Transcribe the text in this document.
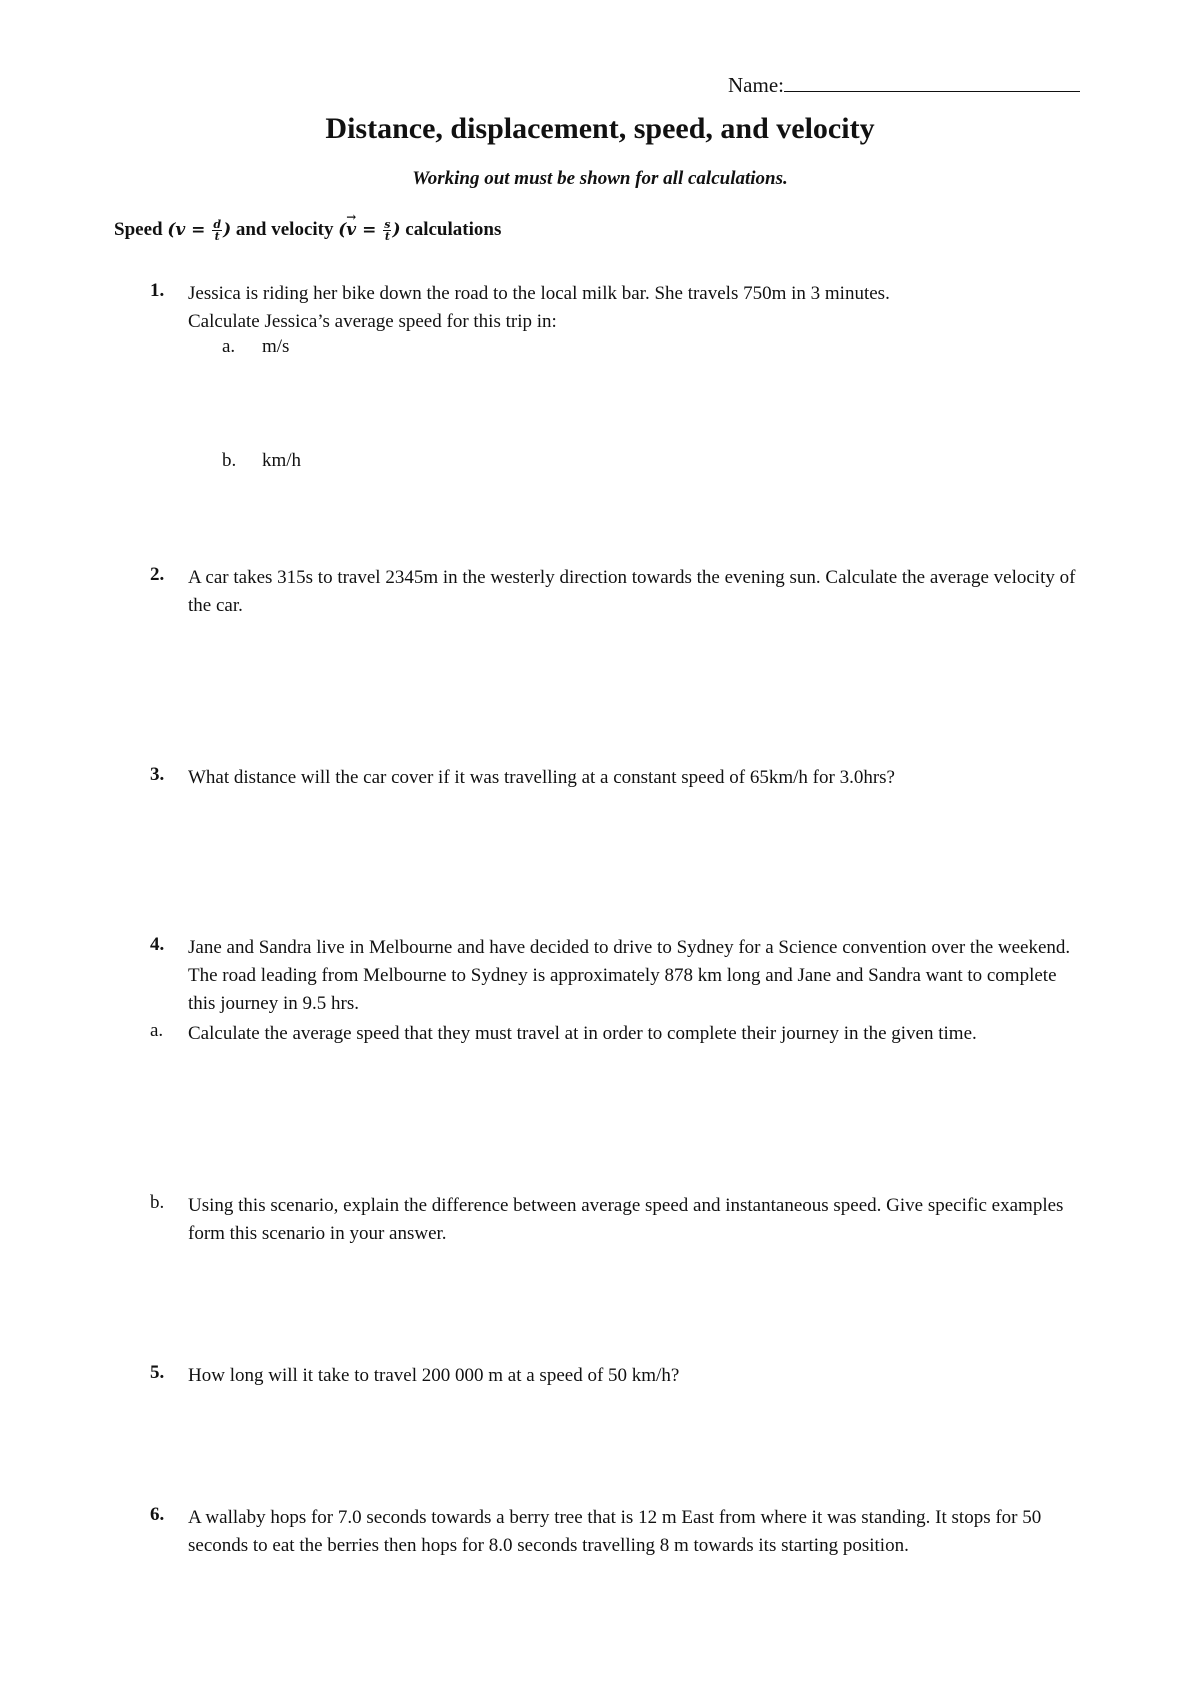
Name:
Distance, displacement, speed, and velocity
Working out must be shown for all calculations.
Speed ($v = \frac{d}{t}$ ) and velocity (→ $v = \frac{s}{t}$ ) calculations
1. Jessica is riding her bike down the road to the local milk bar. She travels 750m in 3 minutes.
Calculate Jessica’s average speed for this trip in:
a. m/s
b. km/h
2. A car takes 315s to travel 2345m in the westerly direction towards the evening sun. Calculate the average velocity of the car.
3. What distance will the car cover if it was travelling at a constant speed of 65km/h for 3.0hrs?
4. Jane and Sandra live in Melbourne and have decided to drive to Sydney for a Science convention over the weekend. The road leading from Melbourne to Sydney is approximately 878 km long and Jane and Sandra want to complete this journey in 9.5 hrs.
a. Calculate the average speed that they must travel at in order to complete their journey in the given time.
b. Using this scenario, explain the difference between average speed and instantaneous speed. Give specific examples form this scenario in your answer.
5. How long will it take to travel 200 000 m at a speed of 50 km/h?
6. A wallaby hops for 7.0 seconds towards a berry tree that is 12 m East from where it was standing. It stops for 50 seconds to eat the berries then hops for 8.0 seconds travelling 8 m towards its starting position.
